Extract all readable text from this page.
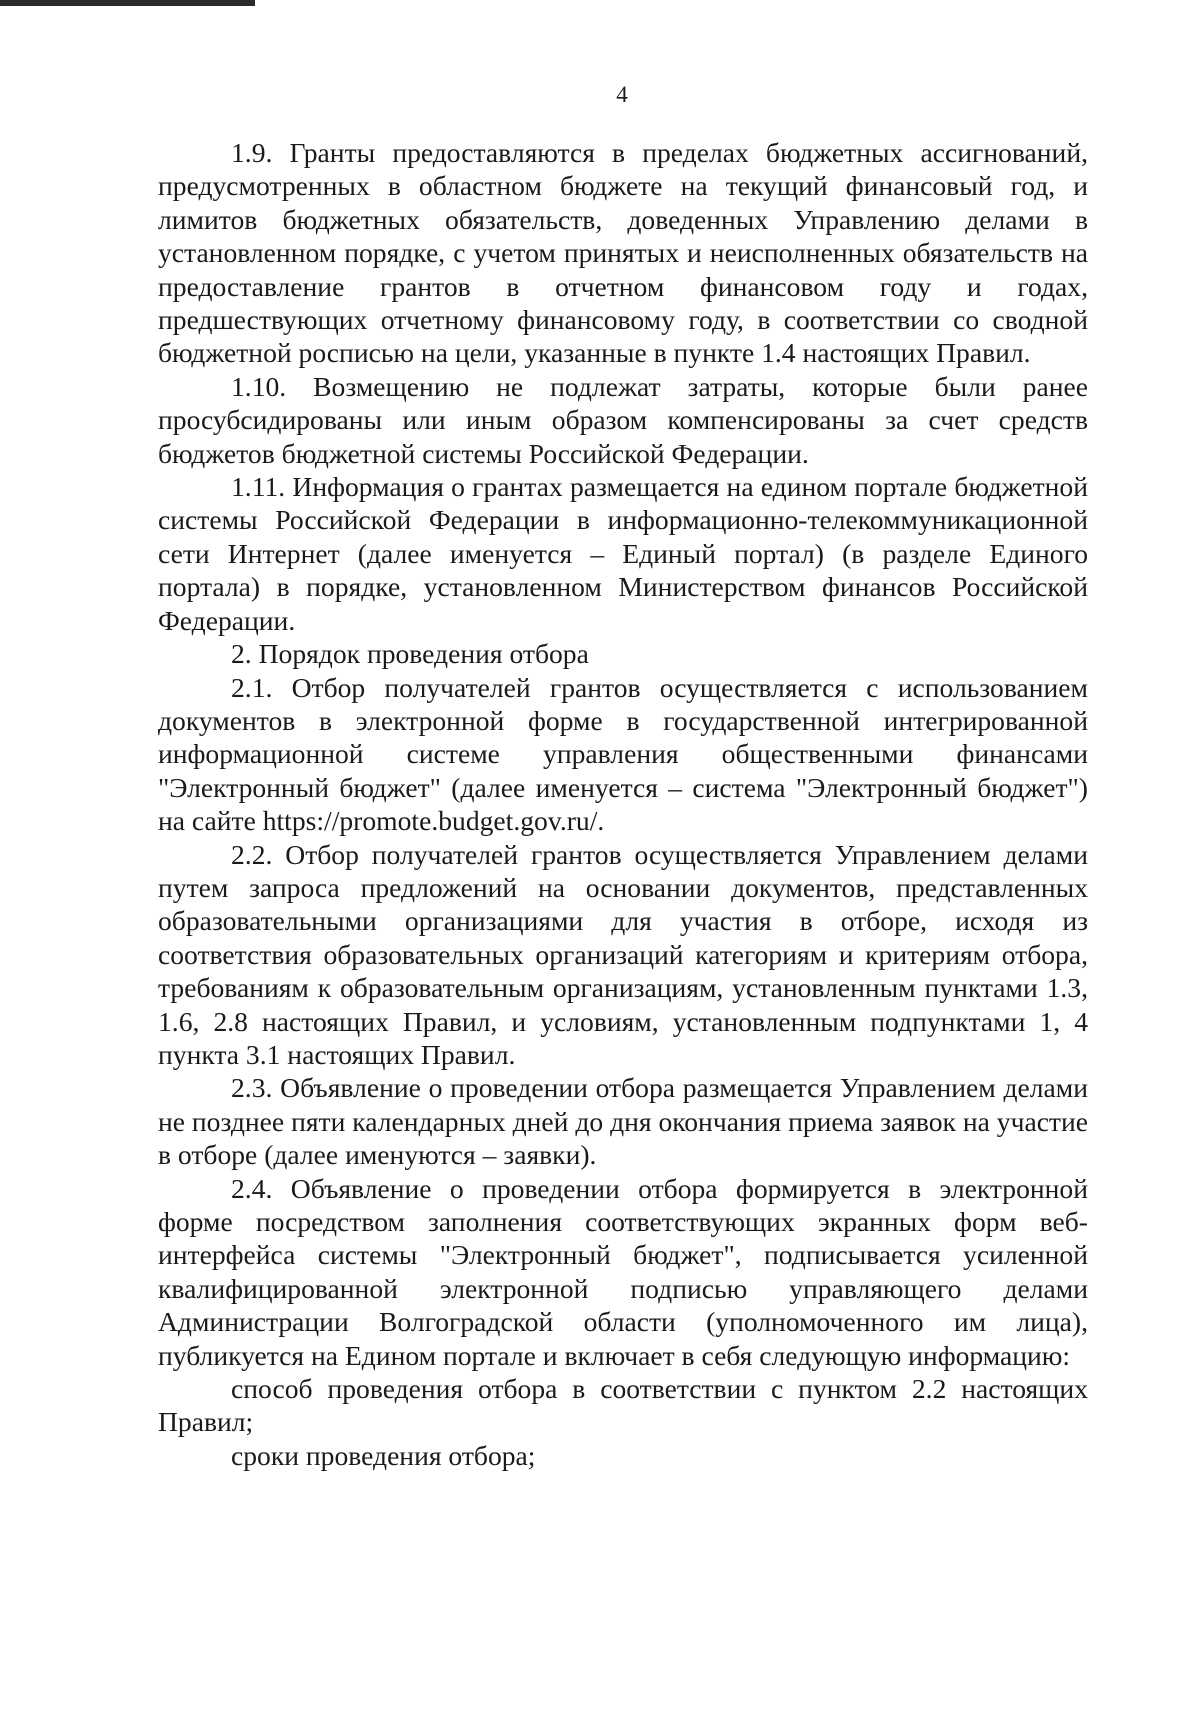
4

1.9. Гранты предоставляются в пределах бюджетных ассигнований, предусмотренных в областном бюджете на текущий финансовый год, и лимитов бюджетных обязательств, доведенных Управлению делами в установленном порядке, с учетом принятых и неисполненных обязательств на предоставление грантов в отчетном финансовом году и годах, предшествующих отчетному финансовому году, в соответствии со сводной бюджетной росписью на цели, указанные в пункте 1.4 настоящих Правил.

1.10. Возмещению не подлежат затраты, которые были ранее просубсидированы или иным образом компенсированы за счет средств бюджетов бюджетной системы Российской Федерации.

1.11. Информация о грантах размещается на едином портале бюджетной системы Российской Федерации в информационно-телекоммуникационной сети Интернет (далее именуется – Единый портал) (в разделе Единого портала) в порядке, установленном Министерством финансов Российской Федерации.

2. Порядок проведения отбора

2.1. Отбор получателей грантов осуществляется с использованием документов в электронной форме в государственной интегрированной информационной системе управления общественными финансами "Электронный бюджет" (далее именуется – система "Электронный бюджет") на сайте https://promote.budget.gov.ru/.

2.2. Отбор получателей грантов осуществляется Управлением делами путем запроса предложений на основании документов, представленных образовательными организациями для участия в отборе, исходя из соответствия образовательных организаций категориям и критериям отбора, требованиям к образовательным организациям, установленным пунктами 1.3, 1.6, 2.8 настоящих Правил, и условиям, установленным подпунктами 1, 4 пункта 3.1 настоящих Правил.

2.3. Объявление о проведении отбора размещается Управлением делами не позднее пяти календарных дней до дня окончания приема заявок на участие в отборе (далее именуются – заявки).

2.4. Объявление о проведении отбора формируется в электронной форме посредством заполнения соответствующих экранных форм веб-интерфейса системы "Электронный бюджет", подписывается усиленной квалифицированной электронной подписью управляющего делами Администрации Волгоградской области (уполномоченного им лица), публикуется на Едином портале и включает в себя следующую информацию:

способ проведения отбора в соответствии с пунктом 2.2 настоящих Правил;

сроки проведения отбора;
